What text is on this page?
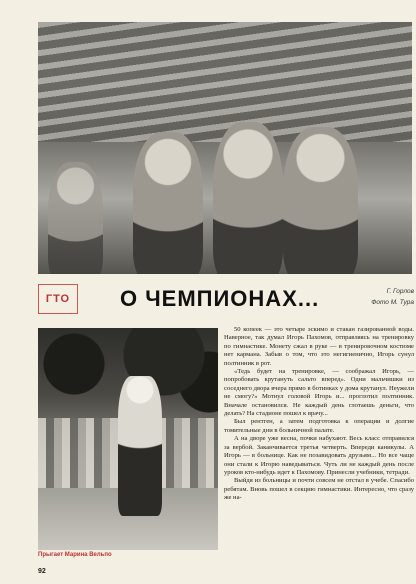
ГТО	О ЧЕМПИОНАХ...	Г. Горлов
Фото М. Тура
Прыгает Марина Вельпо

50 копеек — это четыре эскимо и стакан газированной воды. Наверное, так думал Игорь Пахомов, отправляясь на тренировку по гимнастике. Монету сжал в руке — в тренировочном костюме нет кармана. Забыв о том, что это негигиенично, Игорь сунул полтинник в рот.

«Тедь будет на тренировке, — соображал Игорь, — попробовать крутануть сальто вперед». Одни мальчишки из соседнего двора вчера прямо в ботинках у дома крутанул. Неужели не смогу?» Мотнул головой Игорь и... проглотил полтинник. Вначале остановился. Не каждый день глотаешь деньги, что делать? На стадионе пошел к врачу...

Был рентген, а затем подготовка к операции и долгие томительные дни в больничной палате.

А на дворе уже весна, почки набухают. Весь класс отправился за вербой. Заканчивается третья четверть. Впереди каникулы. А Игорь — в больнице. Как не позавидовать друзьям... Но все чаще они стали к Игорю наведываться. Чуть ли не каждый день после уроков кто-нибудь идет к Пахомову. Принесли учебники, тетради.

Выйдя из больницы и почти совсем не отстал в учебе. Спасибо ребятам. Вновь пошел в секцию гимнастики. Интересно, что сразу же на-

92
